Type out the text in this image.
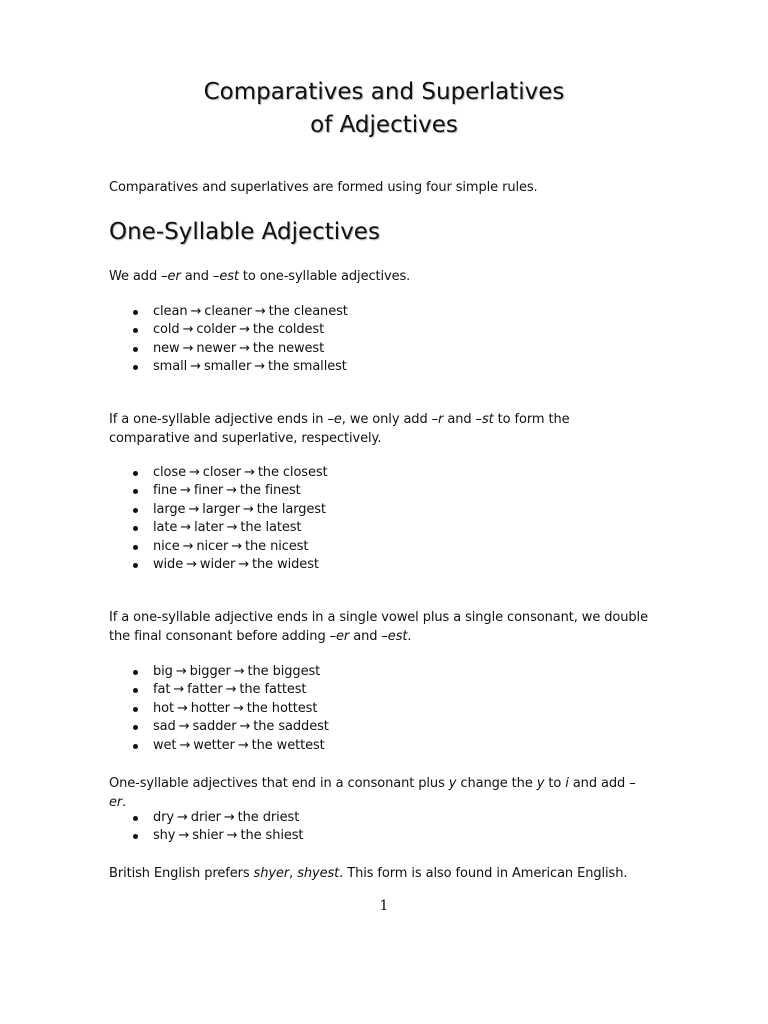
Comparatives and Superlatives
of Adjectives
Comparatives and superlatives are formed using four simple rules.
One-Syllable Adjectives
We add –er and –est to one-syllable adjectives.
clean → cleaner → the cleanest
cold → colder → the coldest
new → newer → the newest
small → smaller → the smallest
If a one-syllable adjective ends in –e, we only add –r and –st to form the comparative and superlative, respectively.
close → closer → the closest
fine → finer → the finest
large → larger → the largest
late → later → the latest
nice → nicer → the nicest
wide → wider → the widest
If a one-syllable adjective ends in a single vowel plus a single consonant, we double the final consonant before adding –er and –est.
big → bigger → the biggest
fat → fatter → the fattest
hot → hotter → the hottest
sad → sadder → the saddest
wet → wetter → the wettest
One-syllable adjectives that end in a consonant plus y change the y to i and add –er.
dry → drier → the driest
shy → shier → the shiest
British English prefers shyer, shyest. This form is also found in American English.
1
